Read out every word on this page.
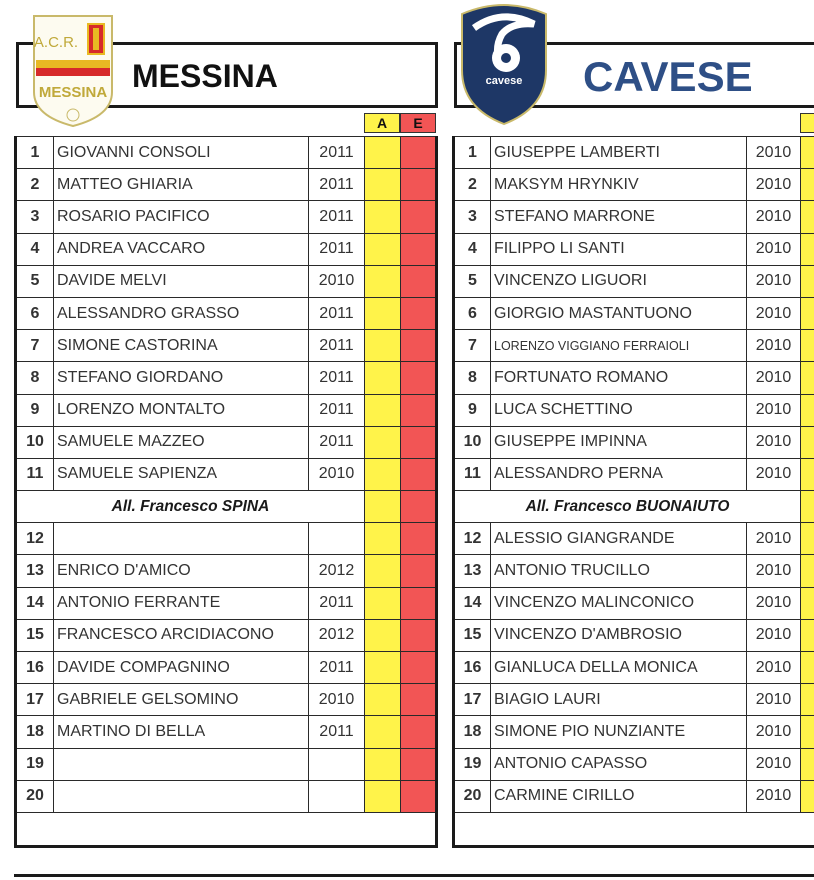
A.C.R.
MESSINA MESSINA	cavese CAVESE
A	E
1	GIOVANNI CONSOLI	2011		
2	MATTEO GHIARIA	2011		
3	ROSARIO PACIFICO	2011		
4	ANDREA VACCARO	2011		
5	DAVIDE MELVI	2010		
6	ALESSANDRO GRASSO	2011		
7	SIMONE CASTORINA	2011		
8	STEFANO GIORDANO	2011		
9	LORENZO MONTALTO	2011		
10	SAMUELE MAZZEO	2011		
11	SAMUELE SAPIENZA	2010		
All. Francesco SPINA				
12				
13	ENRICO D'AMICO	2012		
14	ANTONIO FERRANTE	2011		
15	FRANCESCO ARCIDIACONO	2012		
16	DAVIDE COMPAGNINO	2011		
17	GABRIELE GELSOMINO	2010		
18	MARTINO DI BELLA	2011		
19				
20				
1	GIUSEPPE LAMBERTI	2010	
2	MAKSYM HRYNKIV	2010	
3	STEFANO MARRONE	2010	
4	FILIPPO LI SANTI	2010	
5	VINCENZO LIGUORI	2010	
6	GIORGIO MASTANTUONO	2010	
7	LORENZO VIGGIANO FERRAIOLI	2010	
8	FORTUNATO ROMANO	2010	
9	LUCA SCHETTINO	2010	
10	GIUSEPPE IMPINNA	2010	
11	ALESSANDRO PERNA	2010	
All. Francesco BUONAIUTO			
12	ALESSIO GIANGRANDE	2010	
13	ANTONIO TRUCILLO	2010	
14	VINCENZO MALINCONICO	2010	
15	VINCENZO D'AMBROSIO	2010	
16	GIANLUCA DELLA MONICA	2010	
17	BIAGIO LAURI	2010	
18	SIMONE PIO NUNZIANTE	2010	
19	ANTONIO CAPASSO	2010	
20	CARMINE CIRILLO	2010	
